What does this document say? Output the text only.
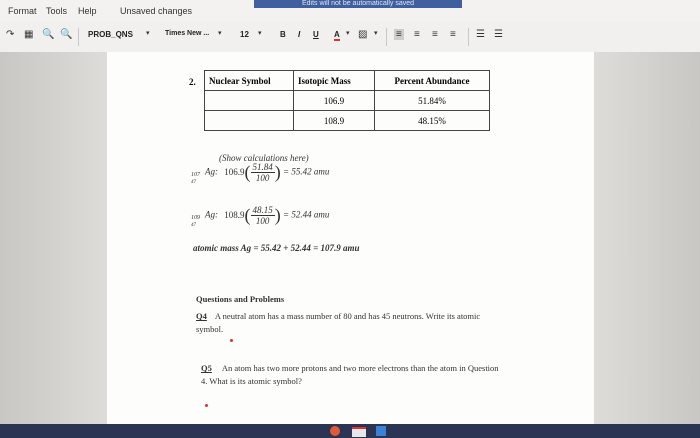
Format Tools Help	Unsaved changes
Edits will not be automatically saved
↷ ▦ 🔍 🔍 PROB_QNS ▾ Times New ... ▾ 12 ▾ B I U A ▾ ▨ ▾ ≡ ≡ ≡ ≡ ☰ ☰
2. Nuclear Symbol	Isotopic Mass	Percent Abundance
	106.9	51.84%
	108.9	48.15%
(Show calculations here)
107
47
Ag: $106.9( \frac{51.84}{100}$ ) = 55.42 amu
109
47
Ag: $108.9( \frac{48.15}{100}$ ) = 52.44 amu
atomic mass Ag = 55.42 + 52.44 = 107.9 amu
Questions and Problems
Q4 A neutral atom has a mass number of 80 and has 45 neutrons. Write its atomic
symbol.
Q5 An atom has two more protons and two more electrons than the atom in Question
4. What is its atomic symbol?
